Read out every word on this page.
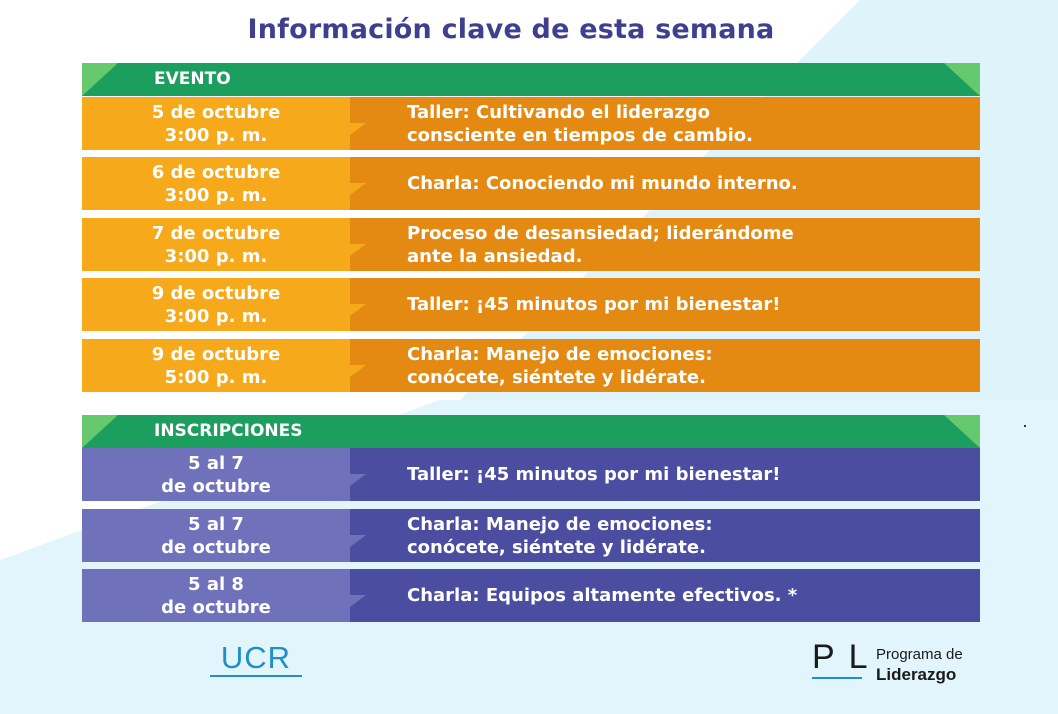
Información clave de esta semana
EVENTO
5 de octubre
3:00 p. m.
Taller: Cultivando el liderazgo
consciente en tiempos de cambio.
6 de octubre
3:00 p. m.
Charla: Conociendo mi mundo interno.
7 de octubre
3:00 p. m.
Proceso de desansiedad; liderándome
ante la ansiedad.
9 de octubre
3:00 p. m.
Taller: ¡45 minutos por mi bienestar!
9 de octubre
5:00 p. m.
Charla: Manejo de emociones:
conócete, siéntete y lidérate.
INSCRIPCIONES
5 al 7
de octubre
Taller: ¡45 minutos por mi bienestar!
5 al 7
de octubre
Charla: Manejo de emociones:
conócete, siéntete y lidérate.
5 al 8
de octubre
Charla: Equipos altamente efectivos. *
UCR	PL
Programa de
Liderazgo
